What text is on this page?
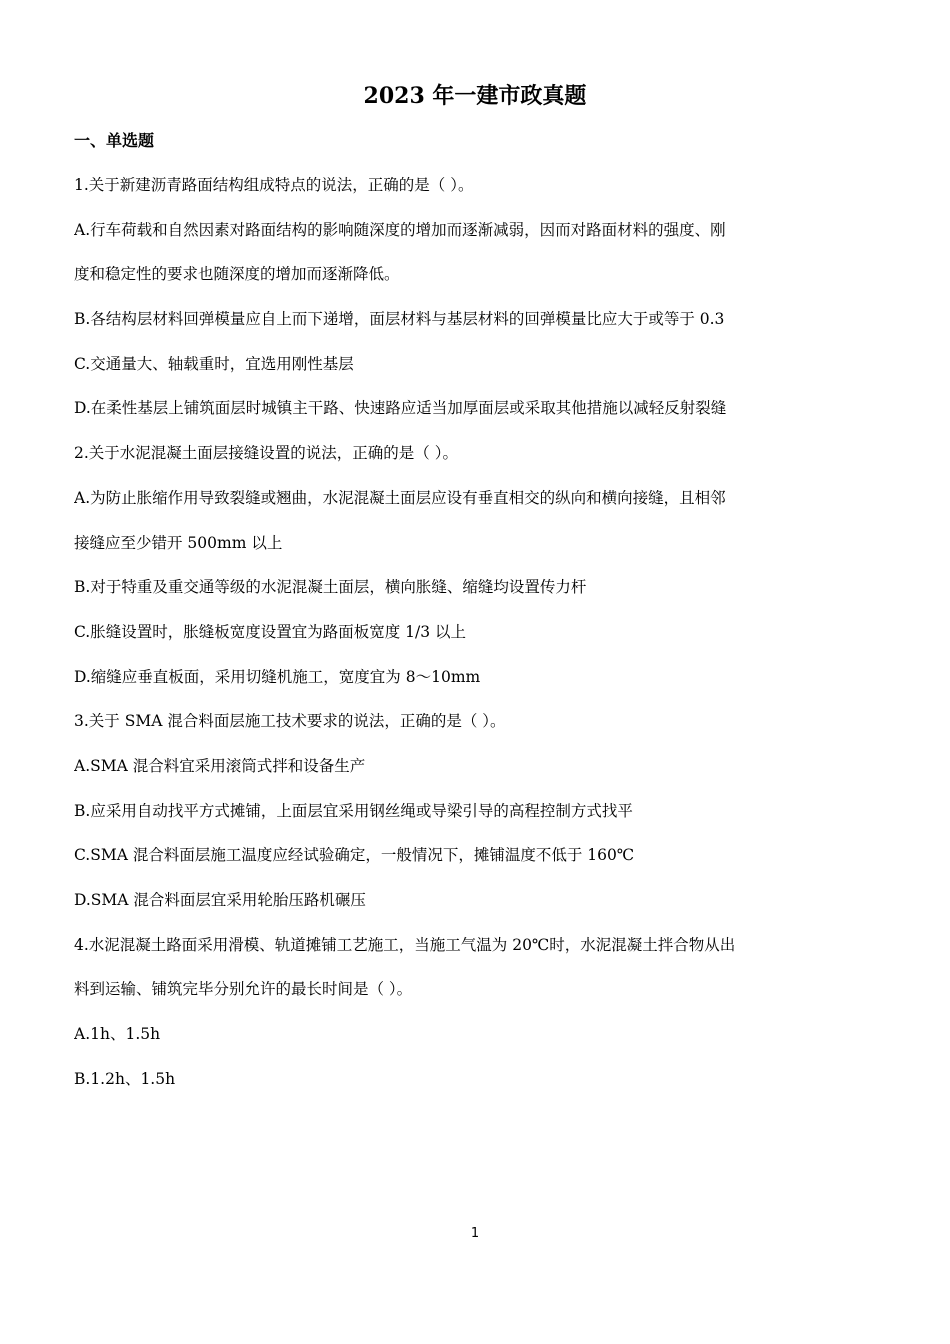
2023 年一建市政真题
一、单选题
1.关于新建沥青路面结构组成特点的说法，正确的是（ ）。
A.行车荷载和自然因素对路面结构的影响随深度的增加而逐渐减弱，因而对路面材料的强度、刚
度和稳定性的要求也随深度的增加而逐渐降低。
B.各结构层材料回弹模量应自上而下递增，面层材料与基层材料的回弹模量比应大于或等于 0.3
C.交通量大、轴载重时，宜选用刚性基层
D.在柔性基层上铺筑面层时城镇主干路、快速路应适当加厚面层或采取其他措施以减轻反射裂缝
2.关于水泥混凝土面层接缝设置的说法，正确的是（ ）。
A.为防止胀缩作用导致裂缝或翘曲，水泥混凝土面层应设有垂直相交的纵向和横向接缝，且相邻
接缝应至少错开 500mm 以上
B.对于特重及重交通等级的水泥混凝土面层，横向胀缝、缩缝均设置传力杆
C.胀缝设置时，胀缝板宽度设置宜为路面板宽度 1/3 以上
D.缩缝应垂直板面，采用切缝机施工，宽度宜为 8～10mm
3.关于 SMA 混合料面层施工技术要求的说法，正确的是（ ）。
A.SMA 混合料宜采用滚筒式拌和设备生产
B.应采用自动找平方式摊铺，上面层宜采用钢丝绳或导梁引导的高程控制方式找平
C.SMA 混合料面层施工温度应经试验确定，一般情况下，摊铺温度不低于 160℃
D.SMA 混合料面层宜采用轮胎压路机碾压
4.水泥混凝土路面采用滑模、轨道摊铺工艺施工，当施工气温为 20℃时，水泥混凝土拌合物从出
料到运输、铺筑完毕分别允许的最长时间是（ ）。
A.1h、1.5h
B.1.2h、1.5h
1
